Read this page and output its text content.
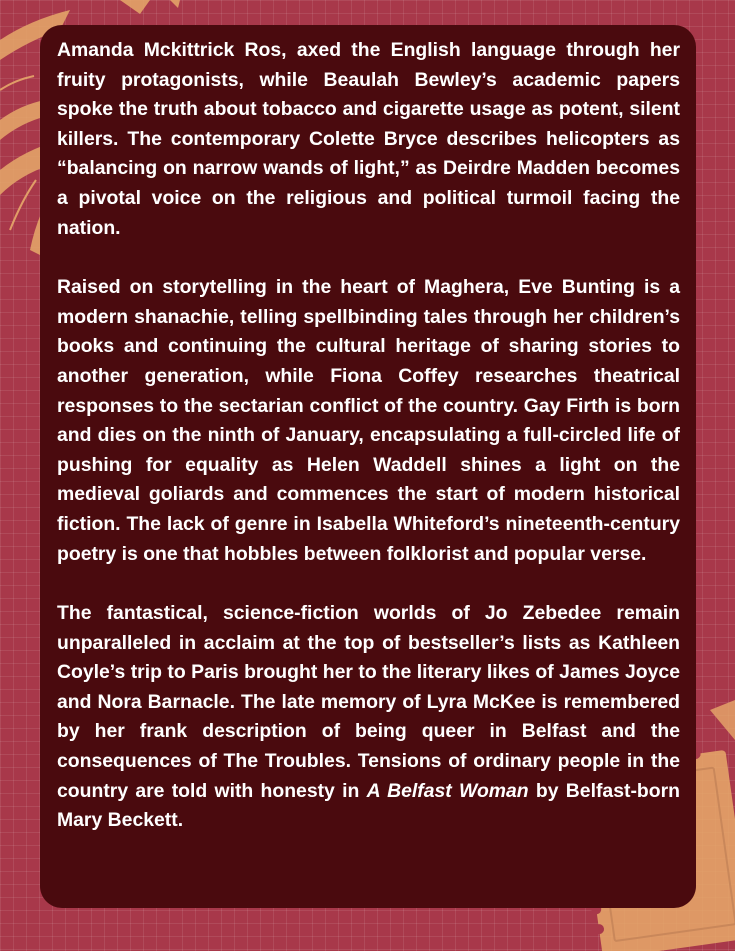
Amanda Mckittrick Ros, axed the English language through her fruity protagonists, while Beaulah Bewley’s academic papers spoke the truth about tobacco and cigarette usage as potent, silent killers. The contemporary Colette Bryce describes helicopters as “balancing on narrow wands of light,” as Deirdre Madden becomes a pivotal voice on the religious and political turmoil facing the nation.

Raised on storytelling in the heart of Maghera, Eve Bunting is a modern shanachie, telling spellbinding tales through her children’s books and continuing the cultural heritage of sharing stories to another generation, while Fiona Coffey researches theatrical responses to the sectarian conflict of the country. Gay Firth is born and dies on the ninth of January, encapsulating a full-circled life of pushing for equality as Helen Waddell shines a light on the medieval goliards and commences the start of modern historical fiction. The lack of genre in Isabella Whiteford’s nineteenth-century poetry is one that hobbles between folklorist and popular verse.

The fantastical, science-fiction worlds of Jo Zebedee remain unparalleled in acclaim at the top of bestseller’s lists as Kathleen Coyle’s trip to Paris brought her to the literary likes of James Joyce and Nora Barnacle. The late memory of Lyra McKee is remembered by her frank description of being queer in Belfast and the consequences of The Troubles. Tensions of ordinary people in the country are told with honesty in A Belfast Woman by Belfast-born Mary Beckett.
